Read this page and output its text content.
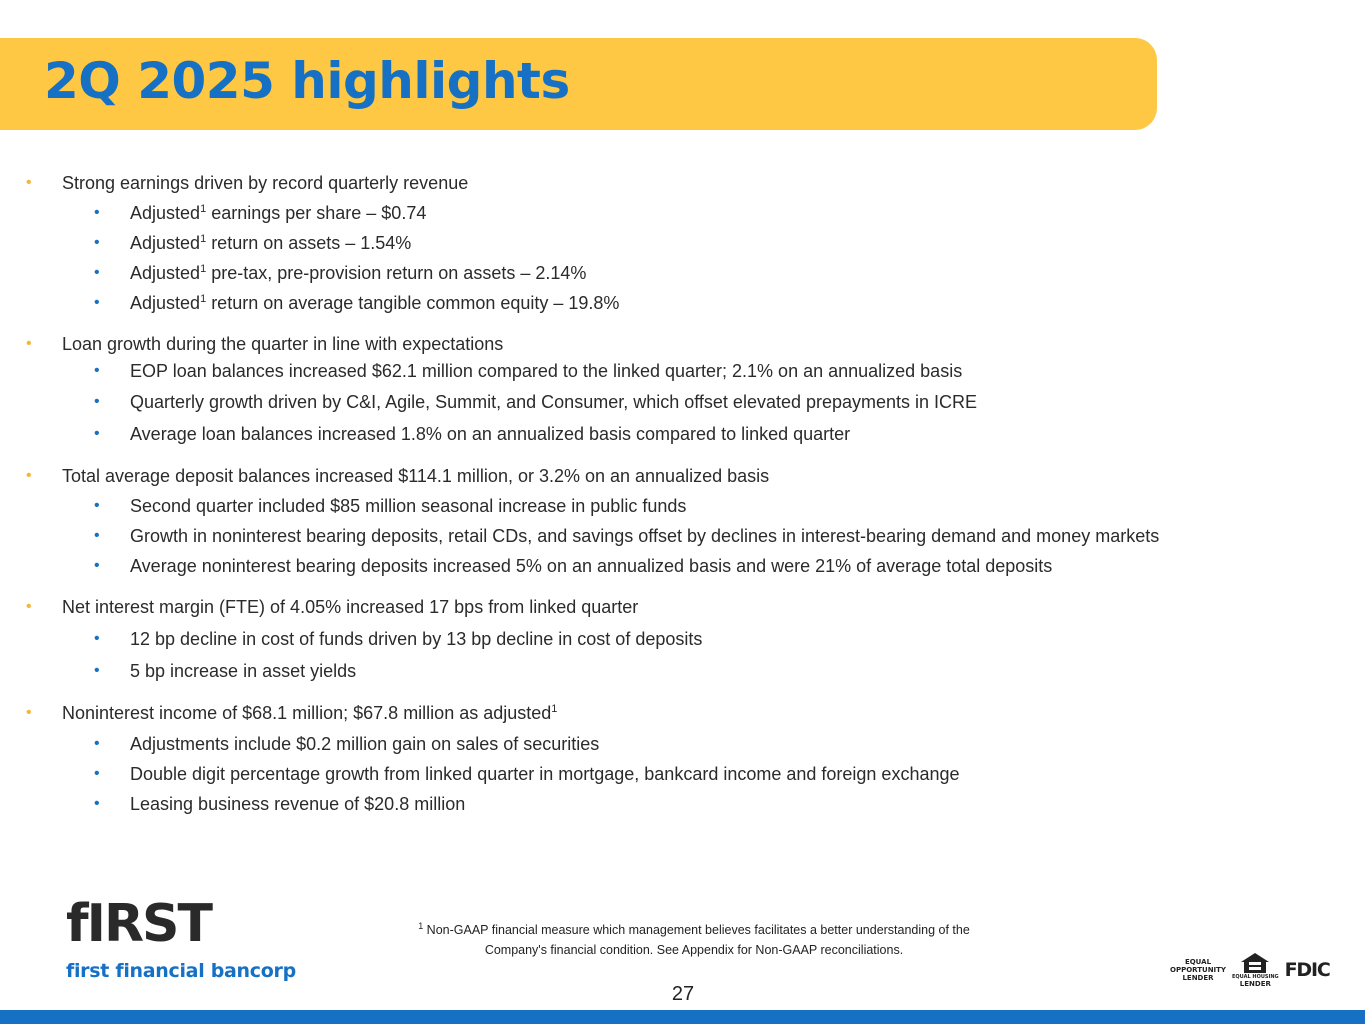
2Q 2025 highlights
• Strong earnings driven by record quarterly revenue
• Adjusted$^1$ earnings per share – $0.74
• Adjusted$^1$ return on assets – 1.54%
• Adjusted$^1$ pre-tax, pre-provision return on assets – 2.14%
• Adjusted$^1$ return on average tangible common equity – 19.8%
• Loan growth during the quarter in line with expectations
• EOP loan balances increased $62.1 million compared to the linked quarter; 2.1% on an annualized basis
• Quarterly growth driven by C&I, Agile, Summit, and Consumer, which offset elevated prepayments in ICRE
• Average loan balances increased 1.8% on an annualized basis compared to linked quarter
• Total average deposit balances increased $114.1 million, or 3.2% on an annualized basis
• Second quarter included $85 million seasonal increase in public funds
• Growth in noninterest bearing deposits, retail CDs, and savings offset by declines in interest-bearing demand and money markets
• Average noninterest bearing deposits increased 5% on an annualized basis and were 21% of average total deposits
• Net interest margin (FTE) of 4.05% increased 17 bps from linked quarter
• 12 bp decline in cost of funds driven by 13 bp decline in cost of deposits
• 5 bp increase in asset yields
• Noninterest income of $68.1 million; $67.8 million as adjusted$^1$
• Adjustments include $0.2 million gain on sales of securities
• Double digit percentage growth from linked quarter in mortgage, bankcard income and foreign exchange
• Leasing business revenue of $20.8 million
fIRST
first financial bancorp
$^1$ Non-GAAP financial measure which management believes facilitates a better understanding of the
Company's financial condition. See Appendix for Non-GAAP reconciliations.
27
EQUAL
OPPORTUNITY
LENDER	EQUAL HOUSING
LENDER
FDIC
